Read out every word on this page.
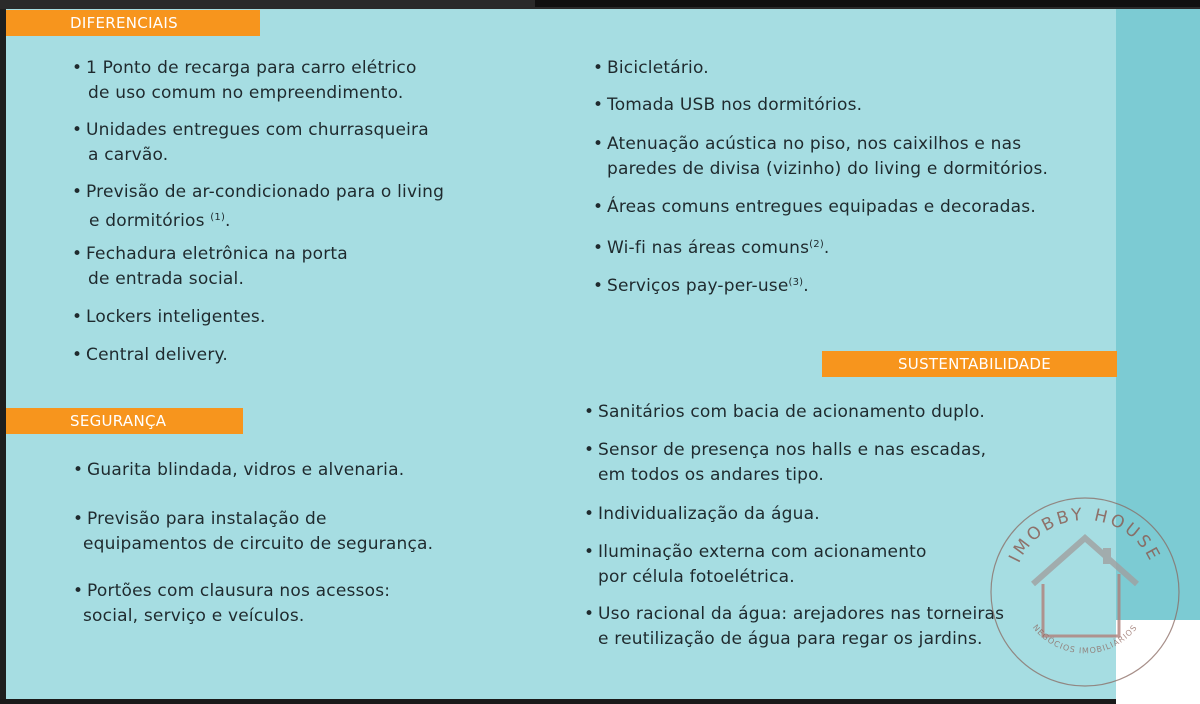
DIFERENCIAIS
SEGURANÇA
SUSTENTABILIDADE
• 1 Ponto de recarga para carro elétrico
de uso comum no empreendimento.
• Unidades entregues com churrasqueira
a carvão.
• Previsão de ar-condicionado para o living
e dormitórios $^{(1)}$.
• Fechadura eletrônica na porta
de entrada social.
• Lockers inteligentes.
• Central delivery.
• Bicicletário.
• Tomada USB nos dormitórios.
• Atenuação acústica no piso, nos caixilhos e nas
paredes de divisa (vizinho) do living e dormitórios.
• Áreas comuns entregues equipadas e decoradas.
• Wi-fi nas áreas comuns$^{(2)}$.
• Serviços pay-per-use$^{(3)}$.
• Guarita blindada, vidros e alvenaria.
• Previsão para instalação de
equipamentos de circuito de segurança.
• Portões com clausura nos acessos:
social, serviço e veículos.
• Sanitários com bacia de acionamento duplo.
• Sensor de presença nos halls e nas escadas,
em todos os andares tipo.
• Individualização da água.
• Iluminação externa com acionamento
por célula fotoelétrica.
• Uso racional da água: arejadores nas torneiras
e reutilização de água para regar os jardins.
IMOBBY HOUSE
NEGÓCIOS IMOBILIÁRIOS
